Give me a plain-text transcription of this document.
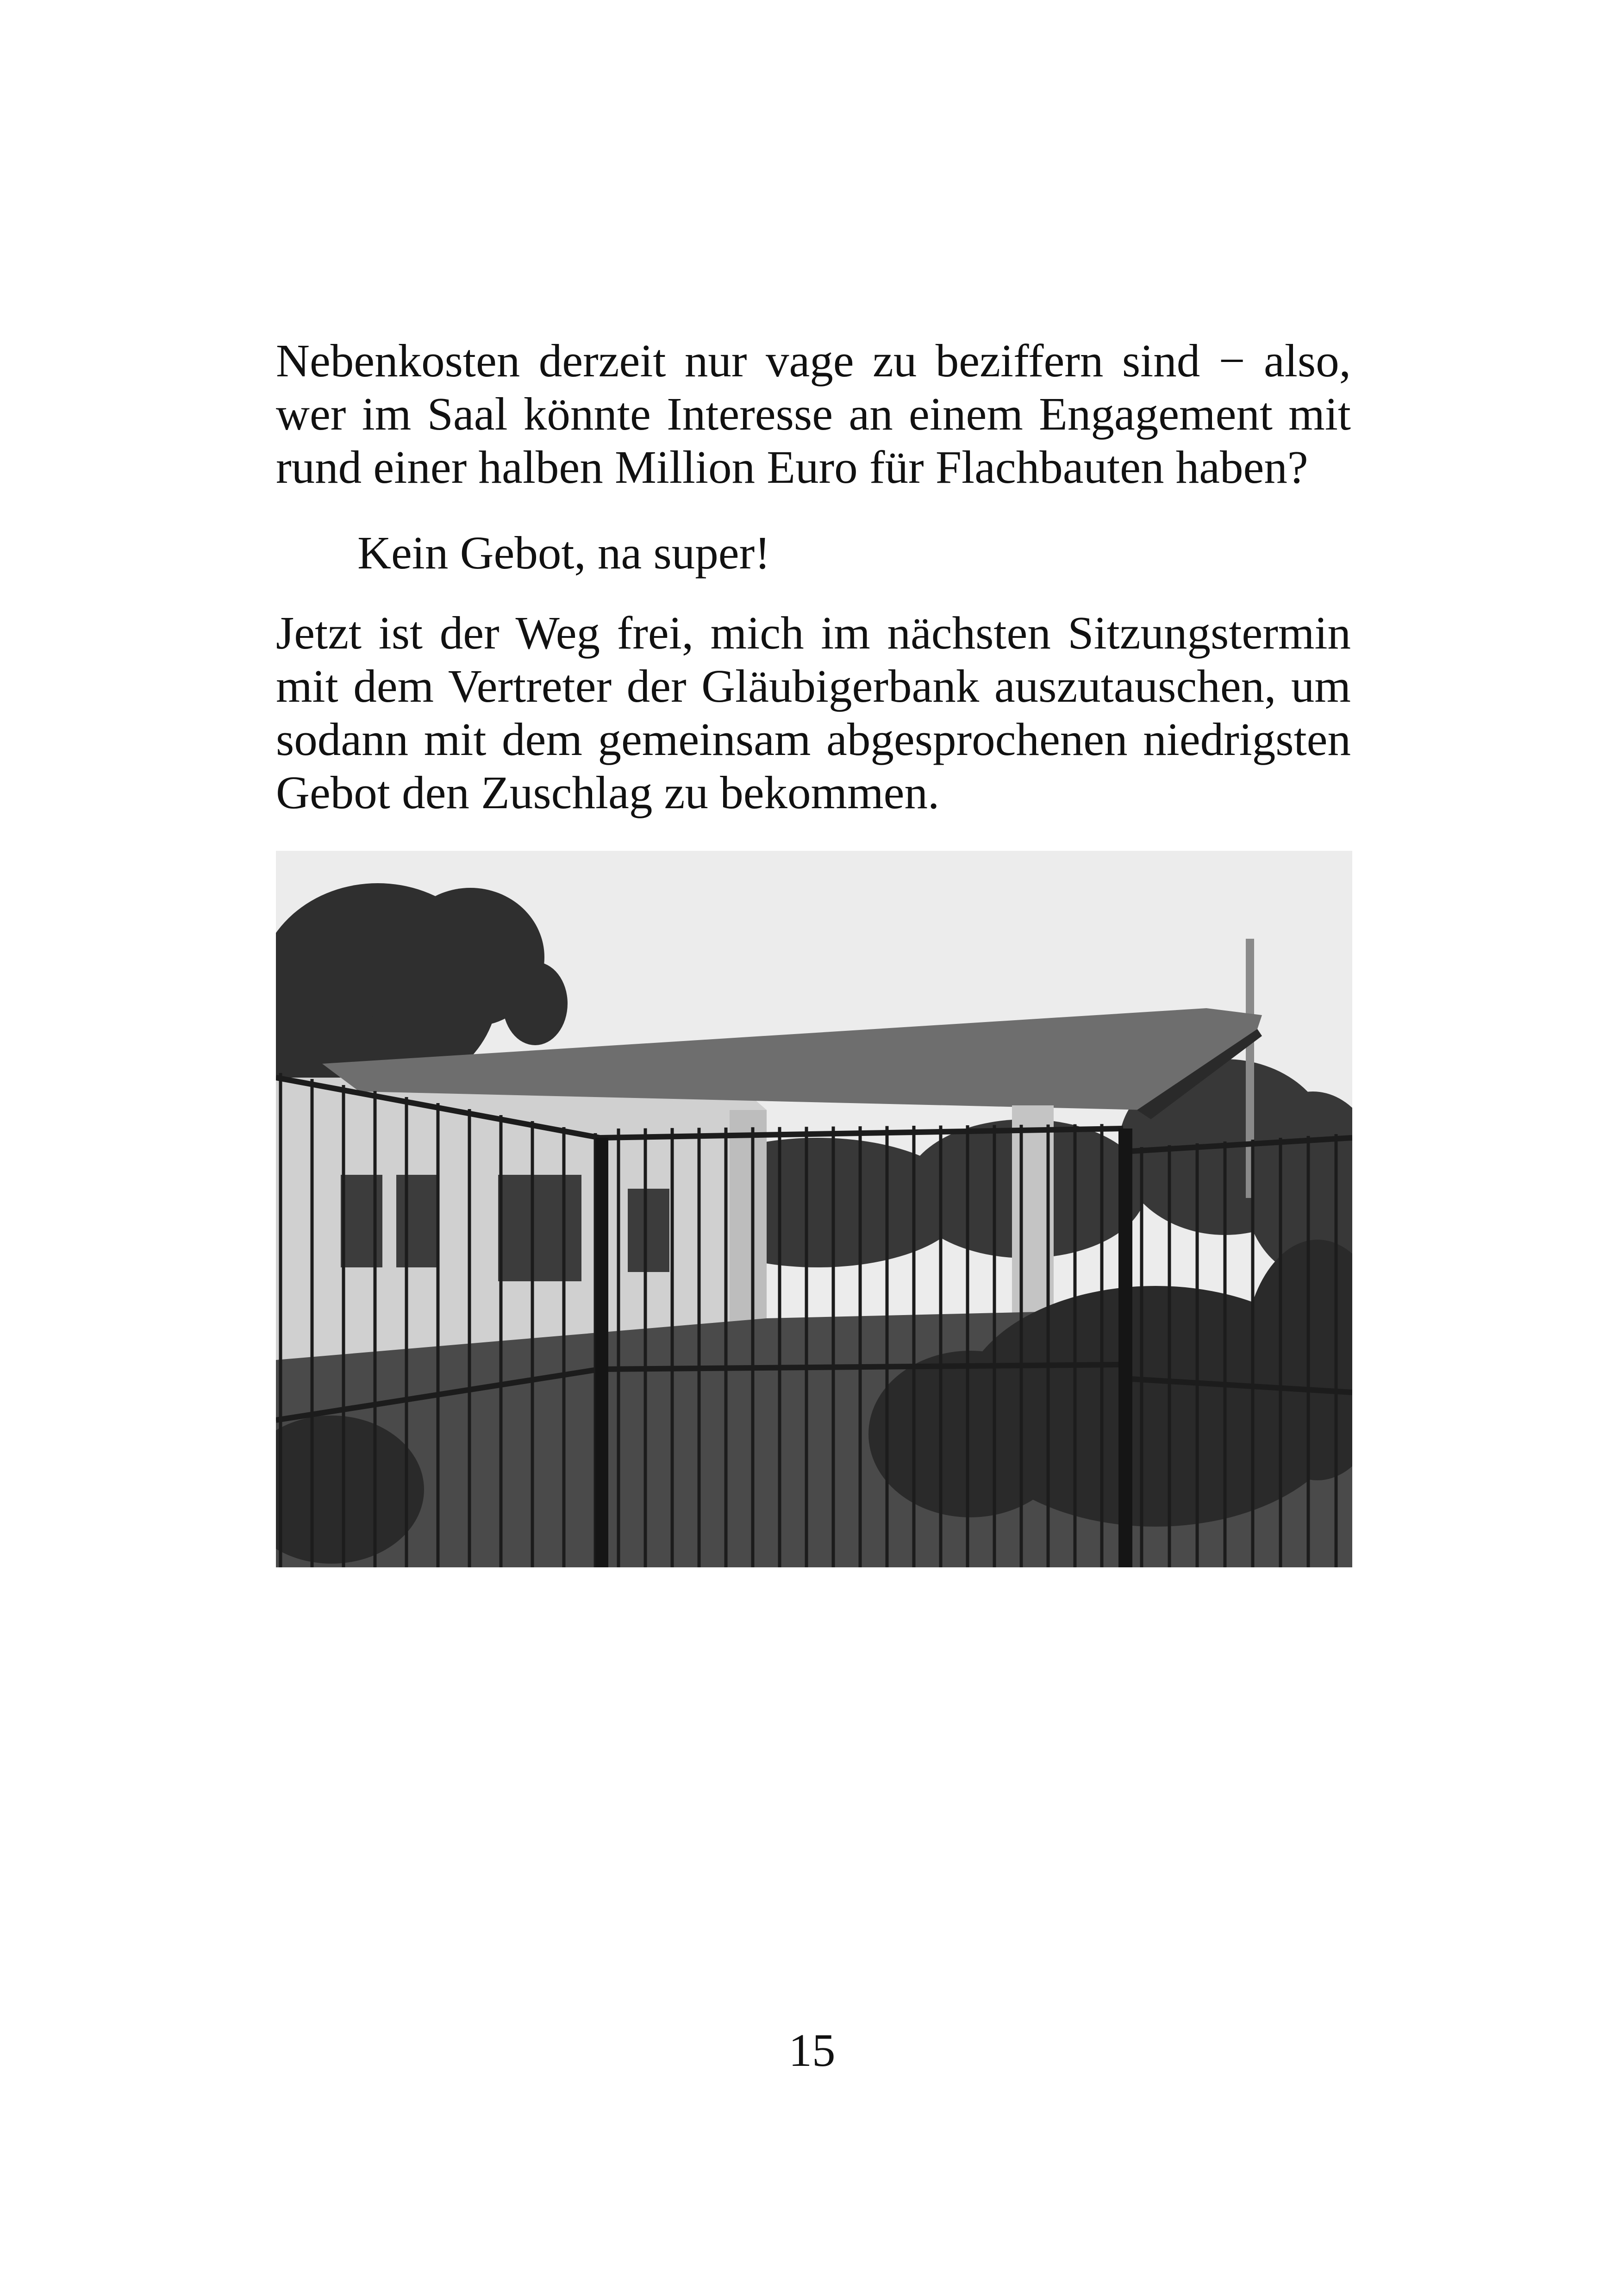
Nebenkosten derzeit nur vage zu beziffern sind − also, wer im Saal könnte Interesse an einem Engagement mit rund einer halben Million Euro für Flachbauten haben?
Kein Gebot, na super!
Jetzt ist der Weg frei, mich im nächsten Sitzungstermin mit dem Vertreter der Gläubigerbank auszutauschen, um sodann mit dem gemeinsam abgesprochenen niedrigsten Gebot den Zuschlag zu bekommen.
15
